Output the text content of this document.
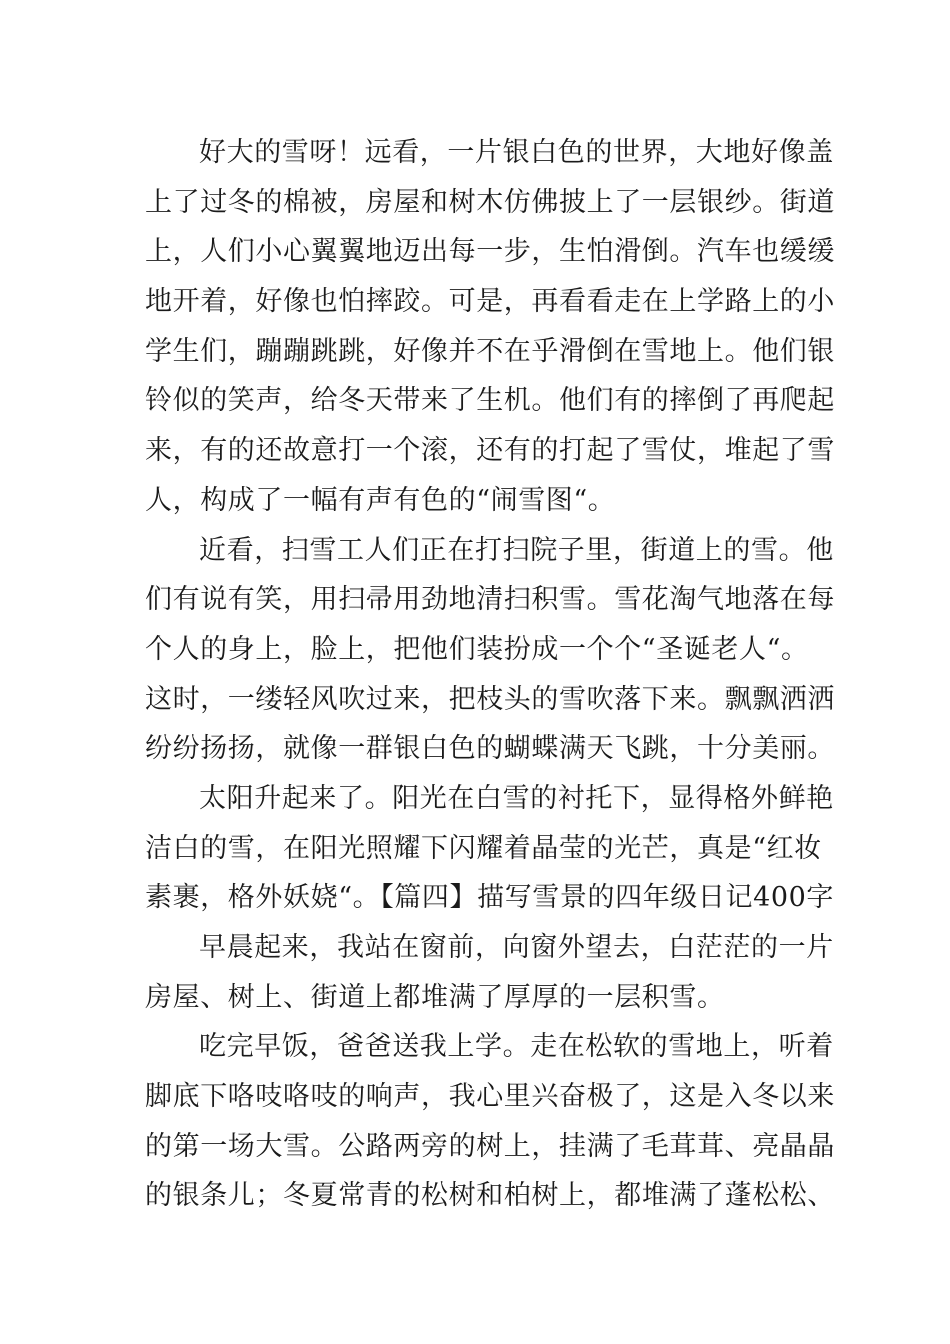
好大的雪呀！远看，一片银白色的世界，大地好像盖
上了过冬的棉被，房屋和树木仿佛披上了一层银纱。街道
上，人们小心翼翼地迈出每一步，生怕滑倒。汽车也缓缓
地开着，好像也怕摔跤。可是，再看看走在上学路上的小
学生们，蹦蹦跳跳，好像并不在乎滑倒在雪地上。他们银
铃似的笑声，给冬天带来了生机。他们有的摔倒了再爬起
来，有的还故意打一个滚，还有的打起了雪仗，堆起了雪
人，构成了一幅有声有色的“闹雪图“。
近看，扫雪工人们正在打扫院子里，街道上的雪。他
们有说有笑，用扫帚用劲地清扫积雪。雪花淘气地落在每
个人的身上，脸上，把他们装扮成一个个“圣诞老人“。
这时，一缕轻风吹过来，把枝头的雪吹落下来。飘飘洒洒
纷纷扬扬，就像一群银白色的蝴蝶满天飞跳，十分美丽。
太阳升起来了。阳光在白雪的衬托下，显得格外鲜艳
洁白的雪，在阳光照耀下闪耀着晶莹的光芒，真是“红妆
素裹，格外妖娆“。【篇四】描写雪景的四年级日记400字
早晨起来，我站在窗前，向窗外望去，白茫茫的一片
房屋、树上、街道上都堆满了厚厚的一层积雪。
吃完早饭，爸爸送我上学。走在松软的雪地上，听着
脚底下咯吱咯吱的响声，我心里兴奋极了，这是入冬以来
的第一场大雪。公路两旁的树上，挂满了毛茸茸、亮晶晶
的银条儿；冬夏常青的松树和柏树上，都堆满了蓬松松、
